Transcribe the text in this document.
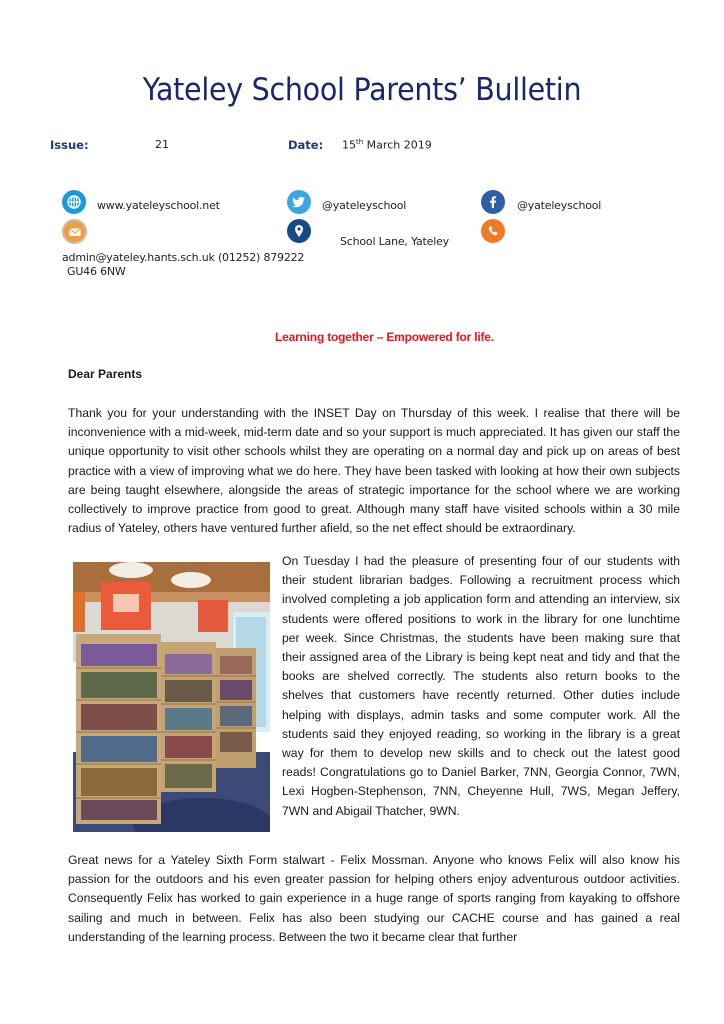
Yateley School Parents’ Bulletin
Issue:	21	Date: 15th March 2019
www.yateleyschool.net	@yateleyschool	@yateleyschool
School Lane, Yateley
admin@yateley.hants.sch.uk (01252) 879222
GU46 6NW
Learning together – Empowered for life.
Dear Parents
Thank you for your understanding with the INSET Day on Thursday of this week. I realise that there will be inconvenience with a mid-week, mid-term date and so your support is much appreciated. It has given our staff the unique opportunity to visit other schools whilst they are operating on a normal day and pick up on areas of best practice with a view of improving what we do here. They have been tasked with looking at how their own subjects are being taught elsewhere, alongside the areas of strategic importance for the school where we are working collectively to improve practice from good to great. Although many staff have visited schools within a 30 mile radius of Yateley, others have ventured further afield, so the net effect should be extraordinary.
On Tuesday I had the pleasure of presenting four of our students with their student librarian badges. Following a recruitment process which involved completing a job application form and attending an interview, six students were offered positions to work in the library for one lunchtime per week. Since Christmas, the students have been making sure that their assigned area of the Library is being kept neat and tidy and that the books are shelved correctly. The students also return books to the shelves that customers have recently returned. Other duties include helping with displays, admin tasks and some computer work. All the students said they enjoyed reading, so working in the library is a great way for them to develop new skills and to check out the latest good reads! Congratulations go to Daniel Barker, 7NN, Georgia Connor, 7WN, Lexi Hogben-Stephenson, 7NN, Cheyenne Hull, 7WS, Megan Jeffery, 7WN and Abigail Thatcher, 9WN.
Great news for a Yateley Sixth Form stalwart - Felix Mossman. Anyone who knows Felix will also know his passion for the outdoors and his even greater passion for helping others enjoy adventurous outdoor activities. Consequently Felix has worked to gain experience in a huge range of sports ranging from kayaking to offshore sailing and much in between. Felix has also been studying our CACHE course and has gained a real understanding of the learning process. Between the two it became clear that further
